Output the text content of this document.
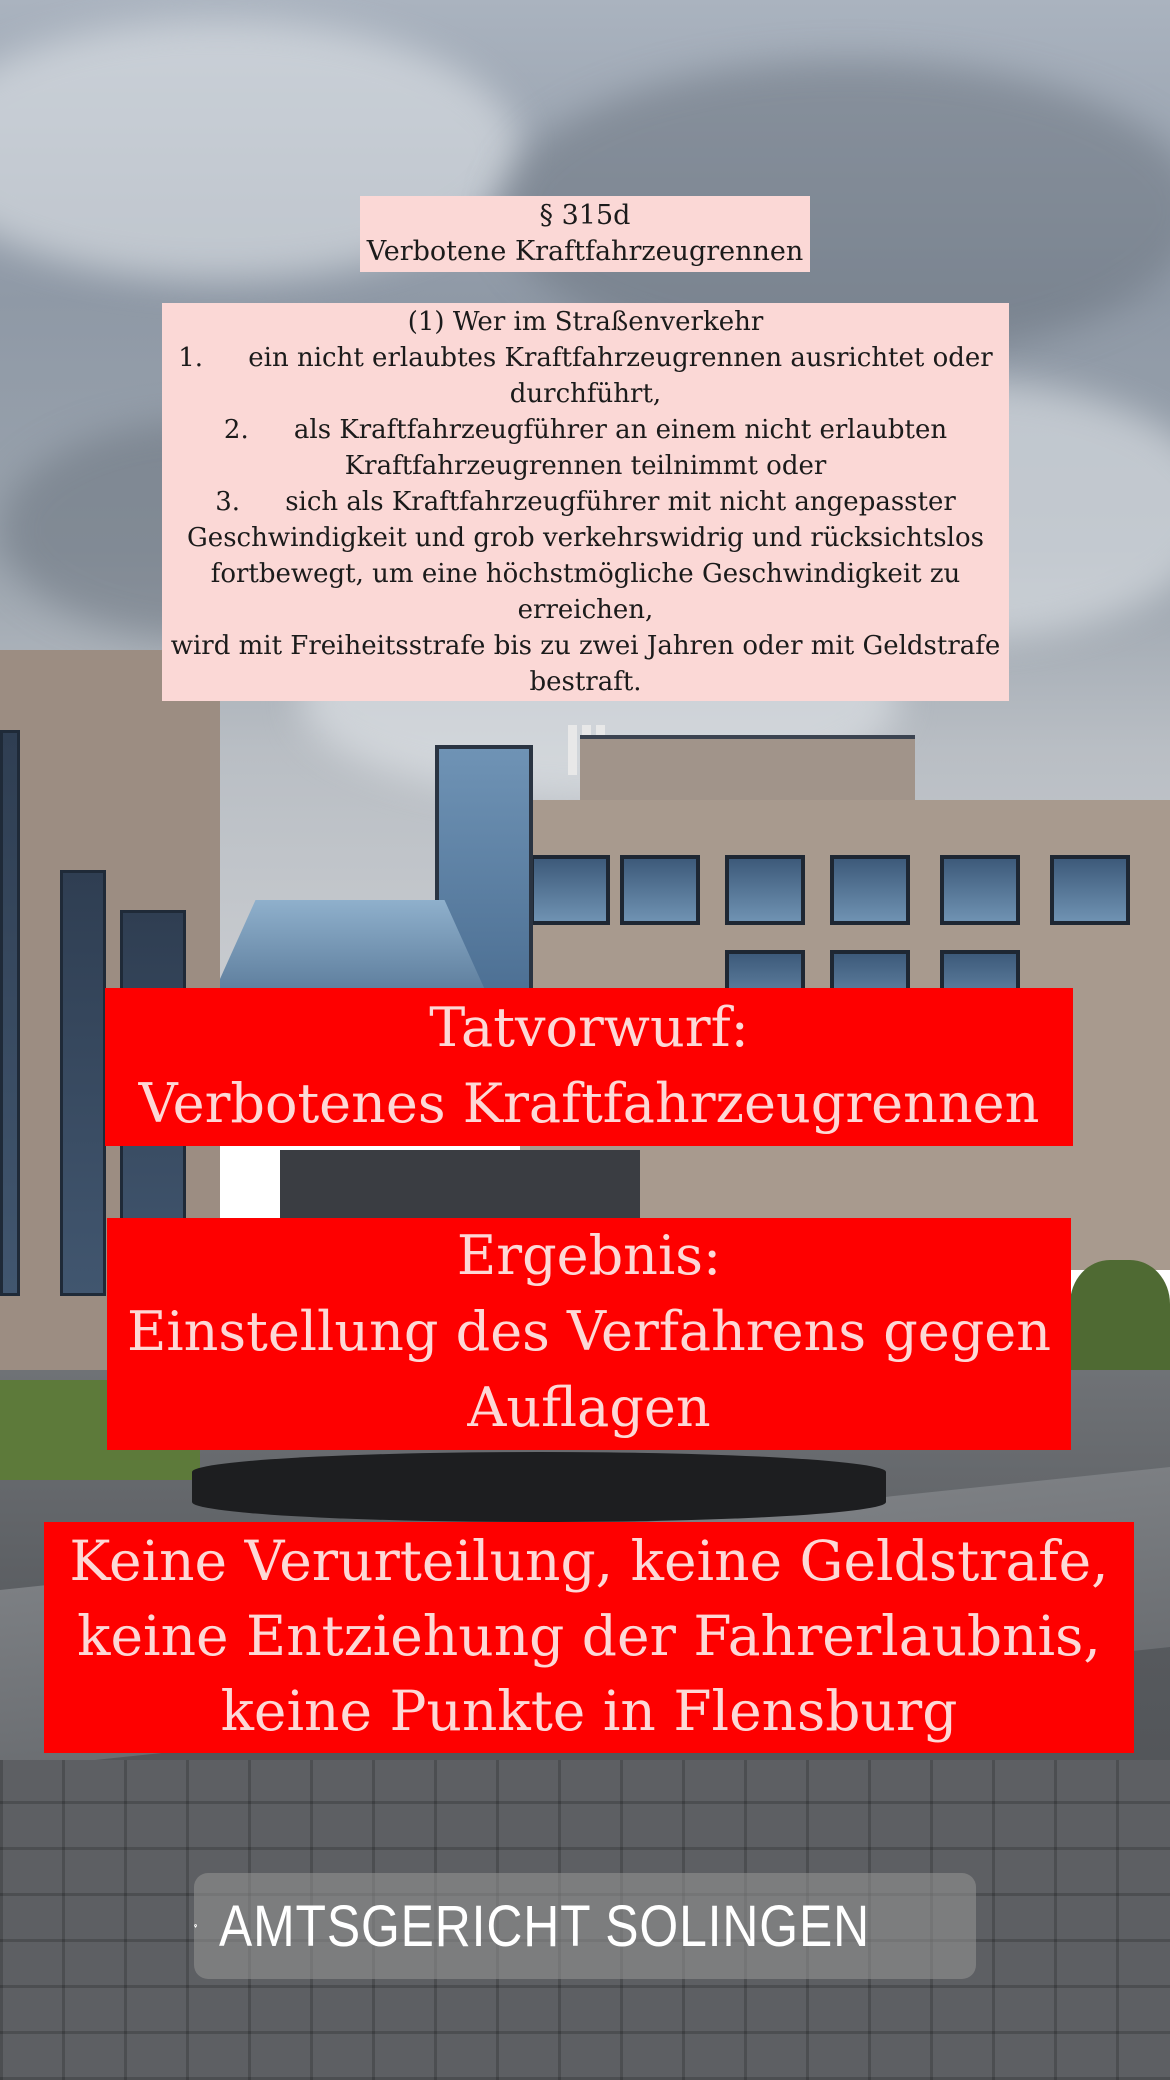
§ 315d
Verbotene Kraftfahrzeugrennen
(1) Wer im Straßenverkehr
1. ein nicht erlaubtes Kraftfahrzeugrennen ausrichtet oder
durchführt,
2. als Kraftfahrzeugführer an einem nicht erlaubten
Kraftfahrzeugrennen teilnimmt oder
3. sich als Kraftfahrzeugführer mit nicht angepasster
Geschwindigkeit und grob verkehrswidrig und rücksichtslos
fortbewegt, um eine höchstmögliche Geschwindigkeit zu
erreichen,
wird mit Freiheitsstrafe bis zu zwei Jahren oder mit Geldstrafe
bestraft.
Tatvorwurf:
Verbotenes Kraftfahrzeugrennen
Ergebnis:
Einstellung des Verfahrens gegen
Auflagen
Keine Verurteilung, keine Geldstrafe,
keine Entziehung der Fahrerlaubnis,
keine Punkte in Flensburg
AMTSGERICHT SOLINGEN
